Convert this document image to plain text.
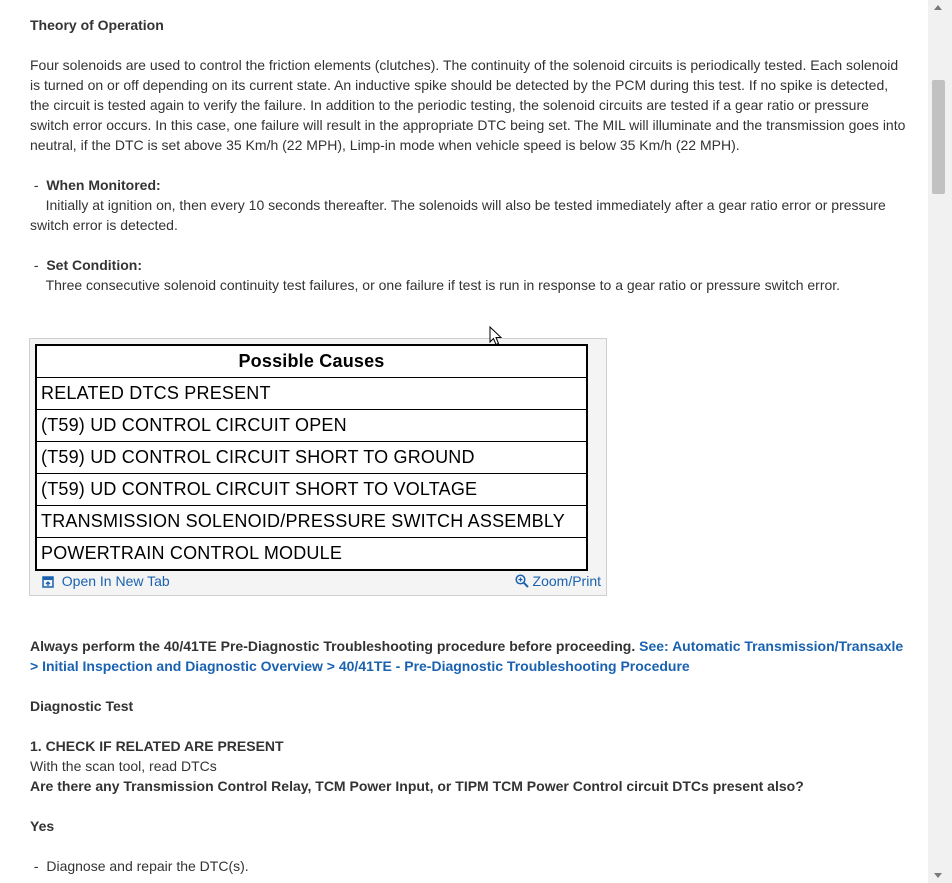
Theory of Operation

Four solenoids are used to control the friction elements (clutches). The continuity of the solenoid circuits is periodically tested. Each solenoid is turned on or off depending on its current state. An inductive spike should be detected by the PCM during this test. If no spike is detected, the circuit is tested again to verify the failure. In addition to the periodic testing, the solenoid circuits are tested if a gear ratio or pressure switch error occurs. In this case, one failure will result in the appropriate DTC being set. The MIL will illuminate and the transmission goes into neutral, if the DTC is set above 35 Km/h (22 MPH), Limp-in mode when vehicle speed is below 35 Km/h (22 MPH).

-  When Monitored:

Initially at ignition on, then every 10 seconds thereafter. The solenoids will also be tested immediately after a gear ratio error or pressure switch error is detected.

-  Set Condition:

Three consecutive solenoid continuity test failures, or one failure if test is run in response to a gear ratio or pressure switch error.

Possible Causes
RELATED DTCS PRESENT
(T59) UD CONTROL CIRCUIT OPEN
(T59) UD CONTROL CIRCUIT SHORT TO GROUND
(T59) UD CONTROL CIRCUIT SHORT TO VOLTAGE
TRANSMISSION SOLENOID/PRESSURE SWITCH ASSEMBLY
POWERTRAIN CONTROL MODULE
Open In New Tab	Zoom/Print

Always perform the 40/41TE Pre-Diagnostic Troubleshooting procedure before proceeding. See: Automatic Transmission/Transaxle > Initial Inspection and Diagnostic Overview > 40/41TE - Pre-Diagnostic Troubleshooting Procedure

Diagnostic Test

1. CHECK IF RELATED ARE PRESENT

With the scan tool, read DTCs

Are there any Transmission Control Relay, TCM Power Input, or TIPM TCM Power Control circuit DTCs present also?

Yes

-  Diagnose and repair the DTC(s).
